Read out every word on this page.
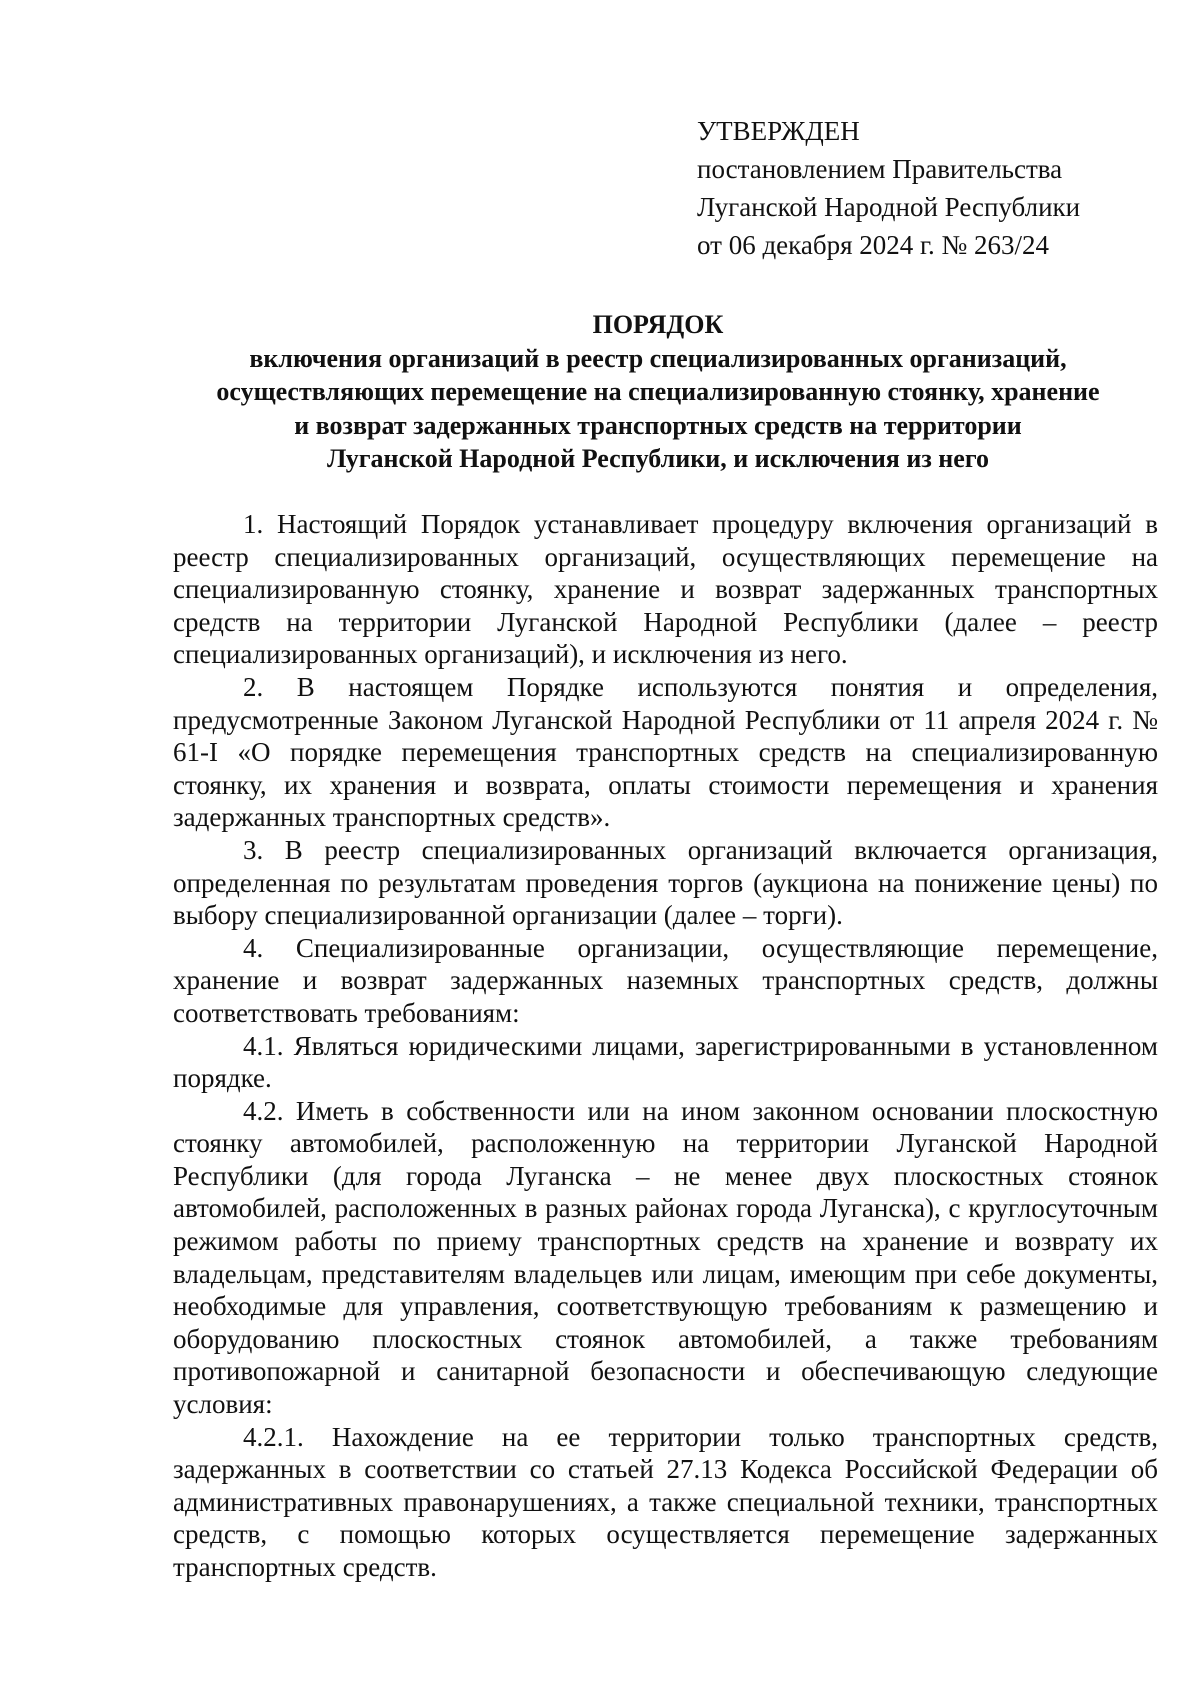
УТВЕРЖДЕН
постановлением Правительства
Луганской Народной Республики
от 06 декабря 2024 г. № 263/24
ПОРЯДОК
включения организаций в реестр специализированных организаций,
осуществляющих перемещение на специализированную стоянку, хранение
и возврат задержанных транспортных средств на территории
Луганской Народной Республики, и исключения из него

1. Настоящий Порядок устанавливает процедуру включения организаций в реестр специализированных организаций, осуществляющих перемещение на специализированную стоянку, хранение и возврат задержанных транспортных средств на территории Луганской Народной Республики (далее – реестр специализированных организаций), и исключения из него.

2. В настоящем Порядке используются понятия и определения, предусмотренные Законом Луганской Народной Республики от 11 апреля 2024 г. № 61-I «О порядке перемещения транспортных средств на специализированную стоянку, их хранения и возврата, оплаты стоимости перемещения и хранения задержанных транспортных средств».

3. В реестр специализированных организаций включается организация, определенная по результатам проведения торгов (аукциона на понижение цены) по выбору специализированной организации (далее – торги).

4. Специализированные организации, осуществляющие перемещение, хранение и возврат задержанных наземных транспортных средств, должны соответствовать требованиям:

4.1. Являться юридическими лицами, зарегистрированными в установленном порядке.

4.2. Иметь в собственности или на ином законном основании плоскостную стоянку автомобилей, расположенную на территории Луганской Народной Республики (для города Луганска – не менее двух плоскостных стоянок автомобилей, расположенных в разных районах города Луганска), с круглосуточным режимом работы по приему транспортных средств на хранение и возврату их владельцам, представителям владельцев или лицам, имеющим при себе документы, необходимые для управления, соответствующую требованиям к размещению и оборудованию плоскостных стоянок автомобилей, а также требованиям противопожарной и санитарной безопасности и обеспечивающую следующие условия:

4.2.1. Нахождение на ее территории только транспортных средств, задержанных в соответствии со статьей 27.13 Кодекса Российской Федерации об административных правонарушениях, а также специальной техники, транспортных средств, с помощью которых осуществляется перемещение задержанных транспортных средств.
